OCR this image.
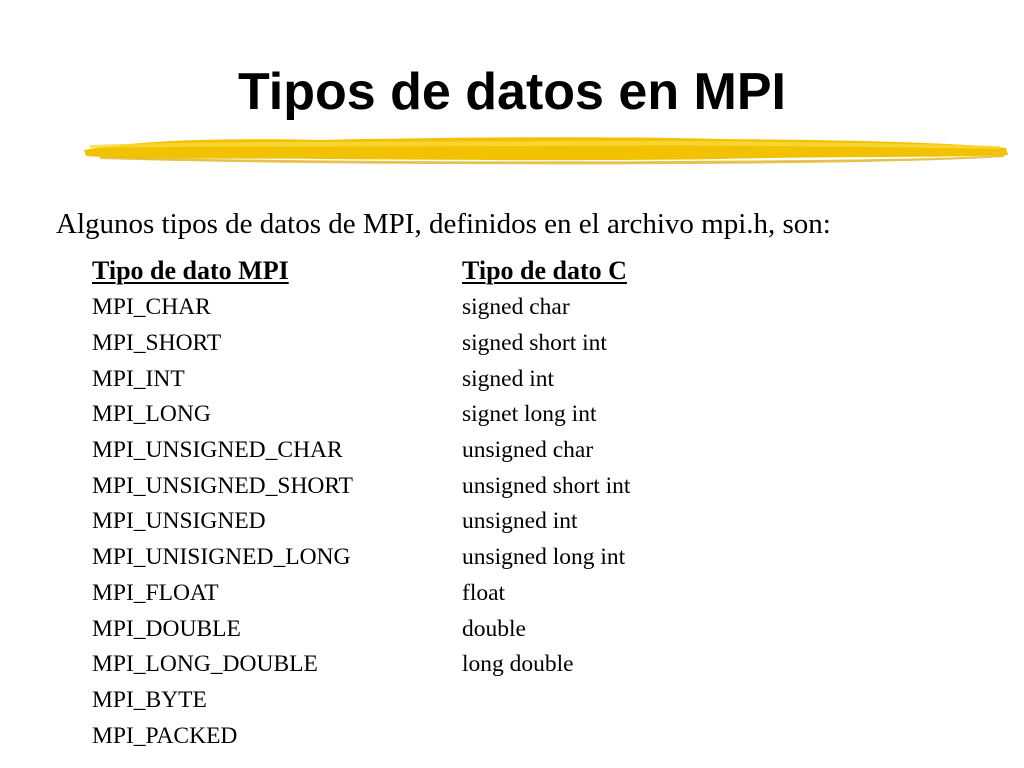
Tipos de datos en MPI

Algunos tipos de datos de MPI, definidos en el archivo mpi.h, son:

Tipo de dato MPI	Tipo de dato C
MPI_CHAR	signed char
MPI_SHORT	signed short int
MPI_INT	signed int
MPI_LONG	signet long int
MPI_UNSIGNED_CHAR	unsigned char
MPI_UNSIGNED_SHORT	unsigned short int
MPI_UNSIGNED	unsigned int
MPI_UNISIGNED_LONG	unsigned long int
MPI_FLOAT	float
MPI_DOUBLE	double
MPI_LONG_DOUBLE	long double
MPI_BYTE	
MPI_PACKED	
